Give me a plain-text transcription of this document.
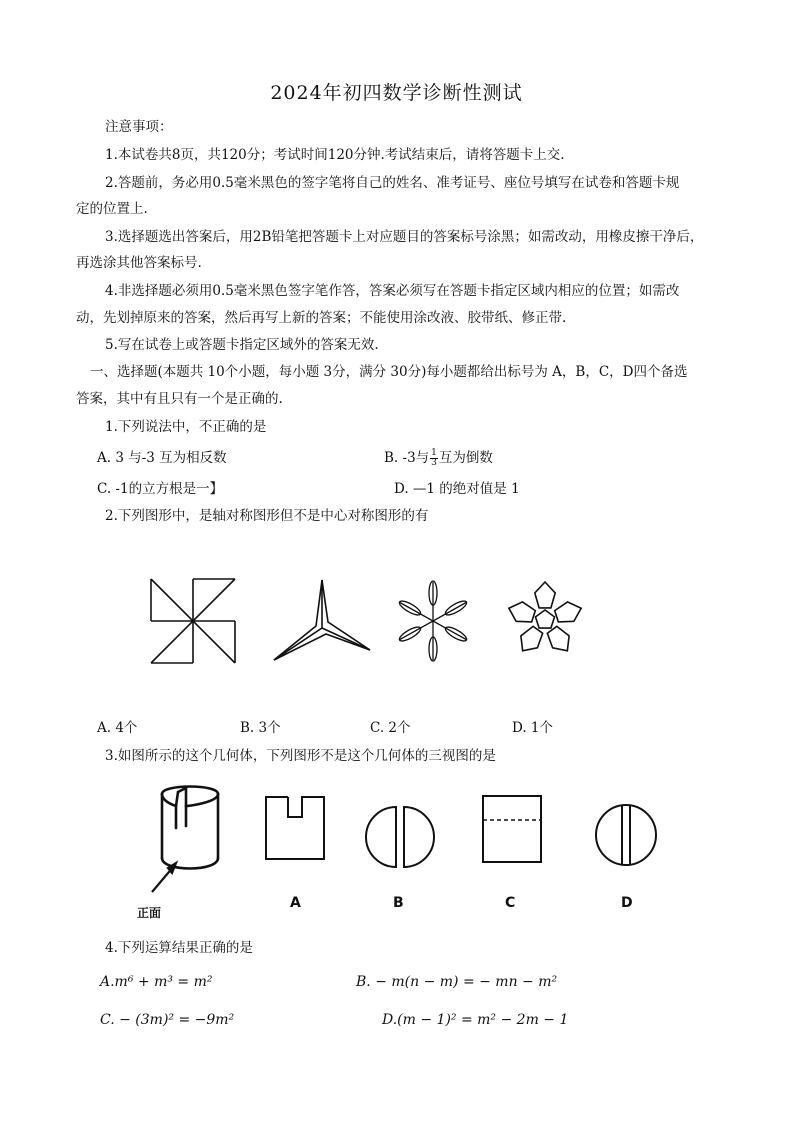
2024年初四数学诊断性测试
注意事项：
1.本试卷共8页，共120分；考试时间120分钟.考试结束后，请将答题卡上交.
2.答题前，务必用0.5毫米黑色的签字笔将自己的姓名、准考证号、座位号填写在试卷和答题卡规
定的位置上.
3.选择题选出答案后，用2B铅笔把答题卡上对应题目的答案标号涂黑；如需改动，用橡皮擦干净后，
再选涂其他答案标号.
4.非选择题必须用0.5毫米黑色签字笔作答，答案必须写在答题卡指定区域内相应的位置；如需改
动，先划掉原来的答案，然后再写上新的答案；不能使用涂改液、胶带纸、修正带.
5.写在试卷上或答题卡指定区域外的答案无效.
一、选择题(本题共 10个小题，每小题 3分，满分 30分)每小题都给出标号为 A，B，C，D四个备选
答案，其中有且只有一个是正确的.
1.下列说法中，不正确的是
A. 3 与-3 互为相反数	B. -3与 $\frac{1}{3}$ 互为倒数
C. -1的立方根是一】	D. —1 的绝对值是 1
2.下列图形中，是轴对称图形但不是中心对称图形的有
A. 4个	B. 3个	C. 2个	D. 1个
3.如图所示的这个几何体，下列图形不是这个几何体的三视图的是
正面
A	B	C	D
4.下列运算结果正确的是
A.m⁶ + m³ = m²	B. − m(n − m) = − mn − m²
C. − (3m)² = −9m²	D.(m − 1)² = m² − 2m − 1
